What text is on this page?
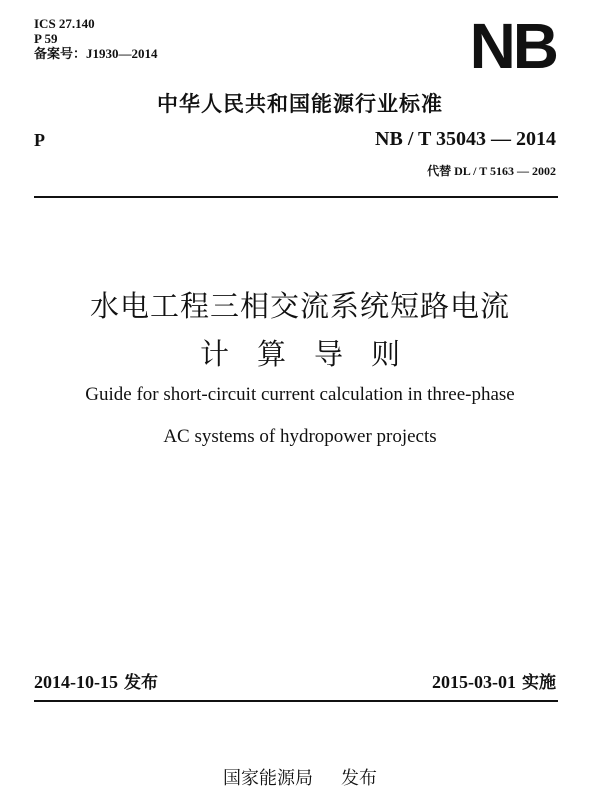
ICS 27.140
P 59
备案号：J1930—2014	NB
中华人民共和国能源行业标准
P	NB / T 35043 — 2014
代替 DL / T 5163 — 2002
水电工程三相交流系统短路电流
计算导则
Guide for short-circuit current calculation in three-phase
AC systems of hydropower projects
2014-10-15 发布	2015-03-01 实施
国家能源局 发布
